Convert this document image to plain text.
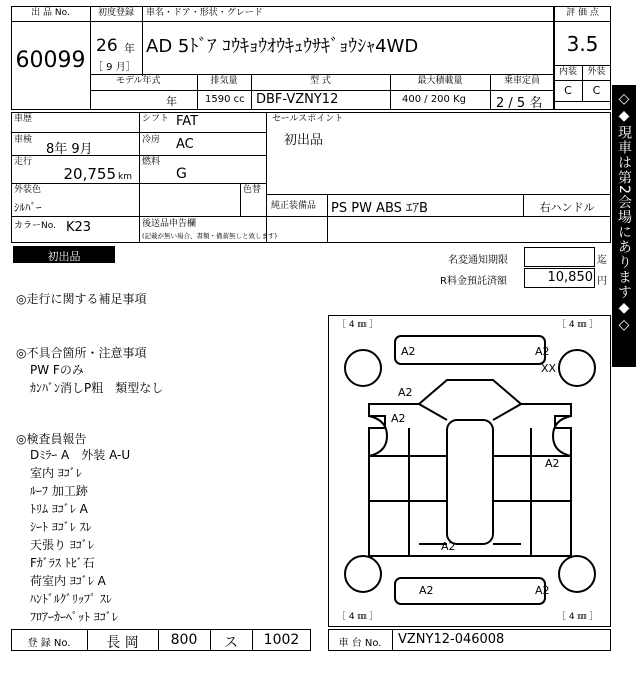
出 品 No.
60099
初度登録
26 年
［ 9 月］
車名・ドア・形状・グレード
AD 5ﾄﾞｱ ｺｳｷｮｳｵｳｷｭｳｻｷﾞｮｳｼｬ4WD
モデル年式
年
排気量
1590 cc
型 式
DBF-VZNY12
最大積載量
400 / 200 Kg
乗車定員
2 / 5 名
評 価 点
3.5
内装	外装
C	C
車歴
車検
8年 9月
走行
20,755 km
シフト FAT
冷房 AC
燃料
G
セールスポイント
初出品
外装色
ｼﾙﾊﾞｰ
色替
純正装備品 PS PW ABS ｴｱB	右ハンドル
カラーNo. K23	後送品申告欄
(記載が無い場合、書類・備蓄無しと致します)
初出品	名変通知期限	迄
R料金預託済額	10,850 円
◎走行に関する補足事項
◎不具合箇所・注意事項
PW Fのみ
ｶﾝﾊﾞﾝ消しP粗　類型なし
◎検査員報告
Dﾐﾗｰ A　外装 A-U
室内 ﾖｺﾞﾚ
ﾙｰﾌ 加工跡
ﾄﾘﾑ ﾖｺﾞﾚ A
ｼｰﾄ ﾖｺﾞﾚ ｽﾚ
天張り ﾖｺﾞﾚ
Fｶﾞﾗｽ ﾄﾋﾞ石
荷室内 ﾖｺﾞﾚ A
ﾊﾝﾄﾞﾙｸﾞﾘｯﾌﾟ ｽﾚ
ﾌﾛｱｰｶｰﾍﾟｯﾄ ﾖｺﾞﾚ
［ 4 ㎜ ］	［ 4 ㎜ ］
［ 4 ㎜ ］	［ 4 ㎜ ］
A2	A2
XX
A2
A2
A2
A2
A2	A2
登 録 No.	長 岡	800	ス	1002	車 台 No.	VZNY12-046008
◇◆現車は第2会場にあります◆◇
